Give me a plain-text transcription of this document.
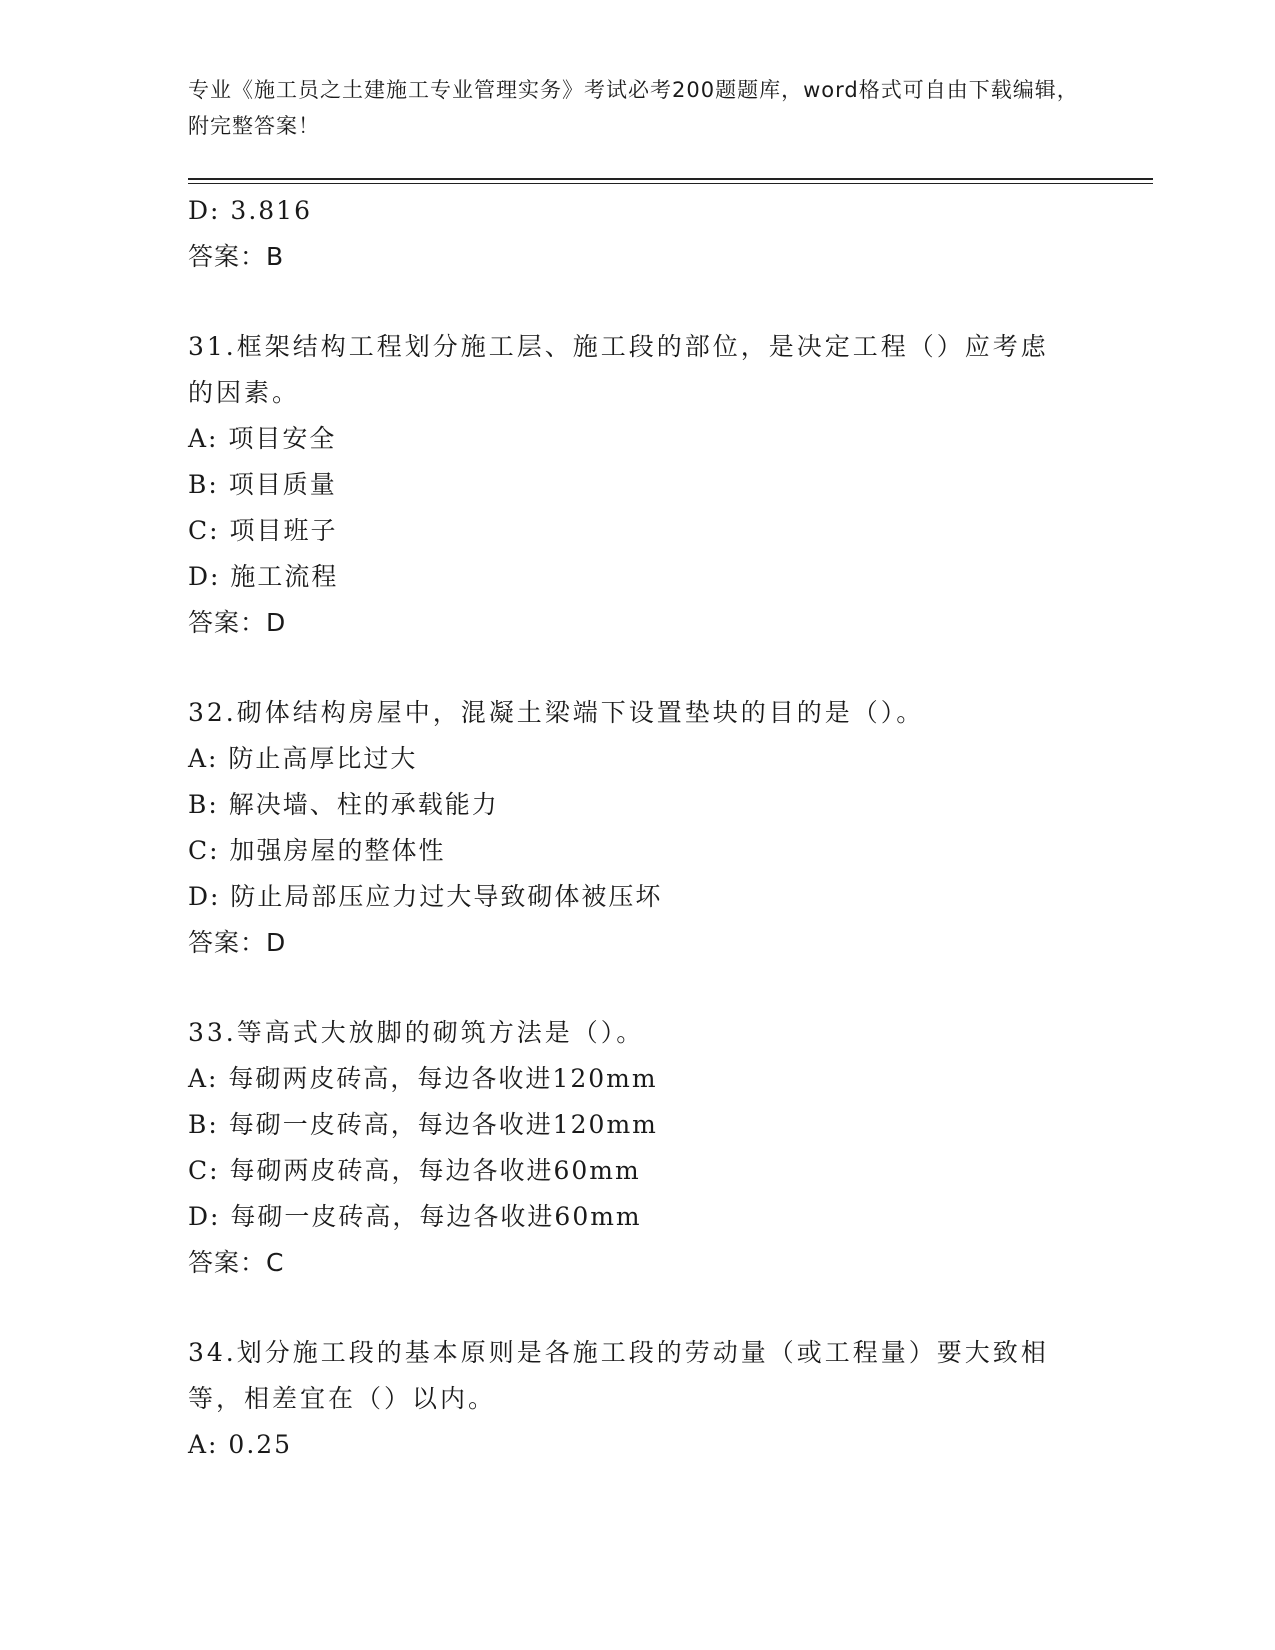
专业《施工员之土建施工专业管理实务》考试必考200题题库，word格式可自由下载编辑，附完整答案！
D: 3.816
答案：B
31.框架结构工程划分施工层、施工段的部位，是决定工程（）应考虑的因素。
A: 项目安全
B: 项目质量
C: 项目班子
D: 施工流程
答案：D
32.砌体结构房屋中，混凝土梁端下设置垫块的目的是（）。
A: 防止高厚比过大
B: 解决墙、柱的承载能力
C: 加强房屋的整体性
D: 防止局部压应力过大导致砌体被压坏
答案：D
33.等高式大放脚的砌筑方法是（）。
A: 每砌两皮砖高，每边各收进120mm
B: 每砌一皮砖高，每边各收进120mm
C: 每砌两皮砖高，每边各收进60mm
D: 每砌一皮砖高，每边各收进60mm
答案：C
34.划分施工段的基本原则是各施工段的劳动量（或工程量）要大致相等，相差宜在（）以内。
A: 0.25
